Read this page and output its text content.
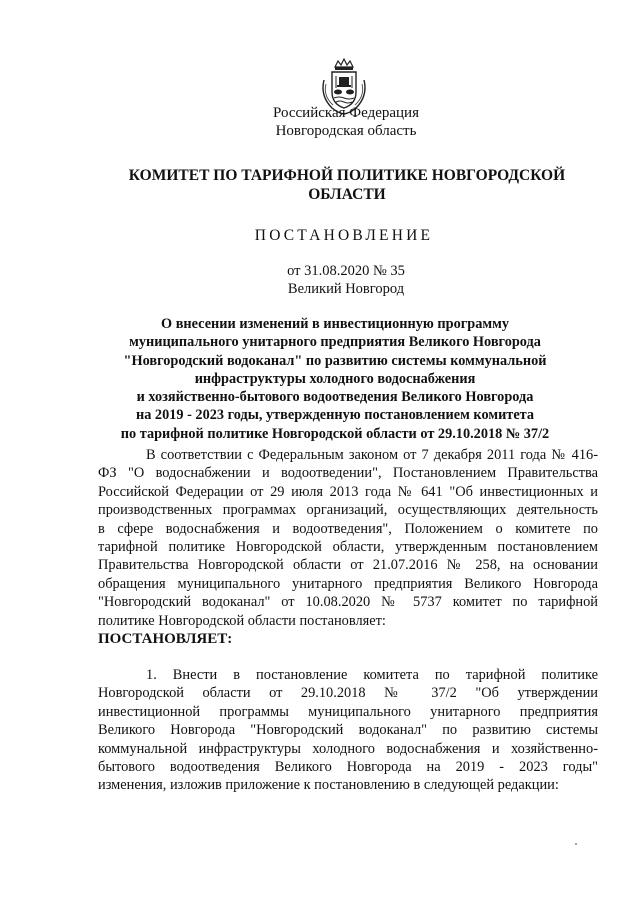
Российская Федерация
Новгородская область
КОМИТЕТ ПО ТАРИФНОЙ ПОЛИТИКЕ НОВГОРОДСКОЙ
ОБЛАСТИ
ПОСТАНОВЛЕНИЕ
от 31.08.2020 № 35
Великий Новгород
О внесении изменений в инвестиционную программу
муниципального унитарного предприятия Великого Новгорода
"Новгородский водоканал" по развитию системы коммунальной
инфраструктуры холодного водоснабжения
и хозяйственно-бытового водоотведения Великого Новгорода
на 2019 - 2023 годы, утвержденную постановлением комитета
по тарифной политике Новгородской области от 29.10.2018 № 37/2
В соответствии с Федеральным законом от 7 декабря 2011 года № 416-
ФЗ "О водоснабжении и водоотведении", Постановлением Правительства
Российской Федерации от 29 июля 2013 года № 641 "Об инвестиционных и
производственных программах организаций, осуществляющих деятельность
в сфере водоснабжения и водоотведения", Положением о комитете по
тарифной политике Новгородской области, утвержденным постановлением
Правительства Новгородской области от 21.07.2016 № 258, на основании
обращения муниципального унитарного предприятия Великого Новгорода
"Новгородский водоканал" от 10.08.2020 № 5737 комитет по тарифной
политике Новгородской области постановляет:
ПОСТАНОВЛЯЕТ:
1. Внести в постановление комитета по тарифной политике
Новгородской области от 29.10.2018 № 37/2 "Об утверждении
инвестиционной программы муниципального унитарного предприятия
Великого Новгорода "Новгородский водоканал" по развитию системы
коммунальной инфраструктуры холодного водоснабжения и хозяйственно-
бытового водоотведения Великого Новгорода на 2019 - 2023 годы"
изменения, изложив приложение к постановлению в следующей редакции:
